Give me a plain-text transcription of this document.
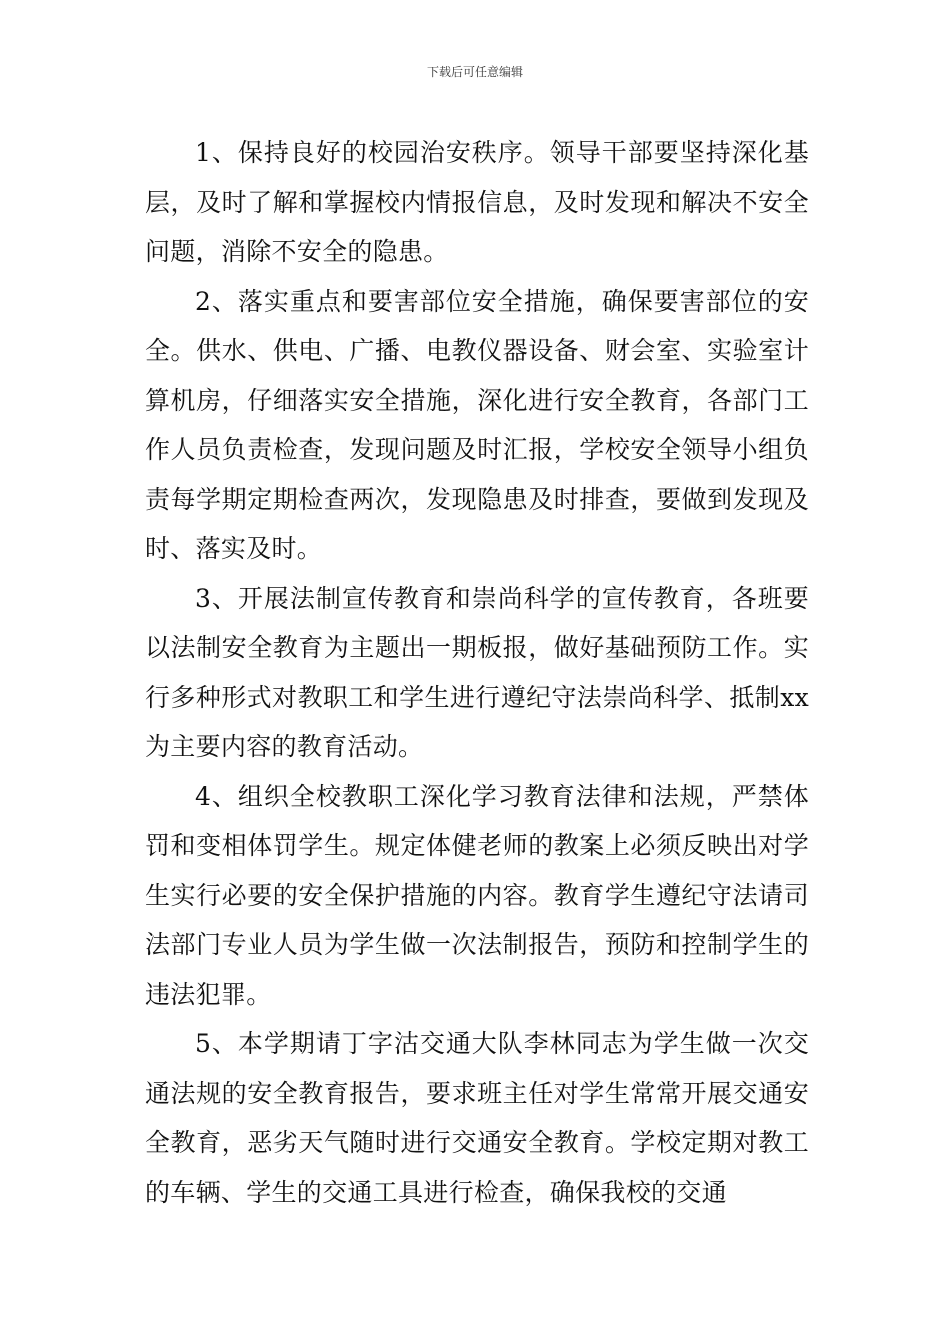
下载后可任意编辑

1、保持良好的校园治安秩序。领导干部要坚持深化基层，及时了解和掌握校内情报信息，及时发现和解决不安全问题，消除不安全的隐患。

2、落实重点和要害部位安全措施，确保要害部位的安全。供水、供电、广播、电教仪器设备、财会室、实验室计算机房，仔细落实安全措施，深化进行安全教育，各部门工作人员负责检查，发现问题及时汇报，学校安全领导小组负责每学期定期检查两次，发现隐患及时排查，要做到发现及时、落实及时。

3、开展法制宣传教育和崇尚科学的宣传教育，各班要以法制安全教育为主题出一期板报，做好基础预防工作。实行多种形式对教职工和学生进行遵纪守法崇尚科学、抵制xx为主要内容的教育活动。

4、组织全校教职工深化学习教育法律和法规，严禁体罚和变相体罚学生。规定体健老师的教案上必须反映出对学生实行必要的安全保护措施的内容。教育学生遵纪守法请司法部门专业人员为学生做一次法制报告，预防和控制学生的违法犯罪。

5、本学期请丁字沽交通大队李林同志为学生做一次交通法规的安全教育报告，要求班主任对学生常常开展交通安全教育，恶劣天气随时进行交通安全教育。学校定期对教工的车辆、学生的交通工具进行检查，确保我校的交通
